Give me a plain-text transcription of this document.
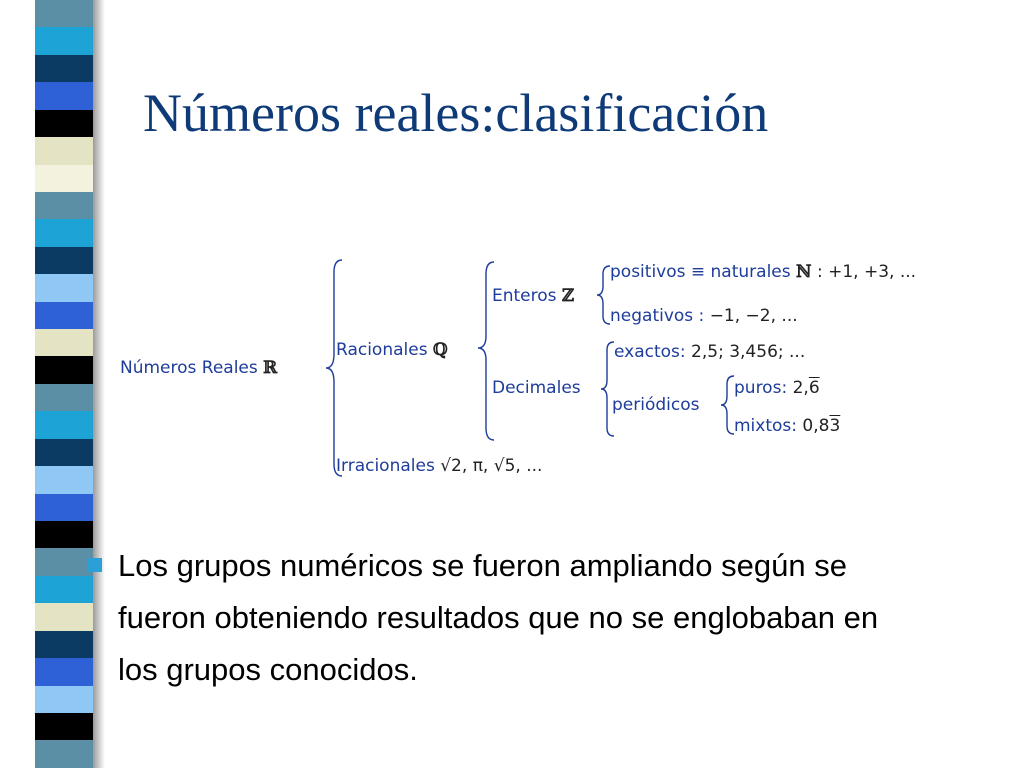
Números reales:clasificación
Números Reales ℝ
Racionales ℚ
Enteros ℤ
positivos ≡ naturales ℕ : +1, +3, ...
negativos : −1, −2, ...
Decimales
exactos: 2,5; 3,456; ...
periódicos
puros: 2,6
mixtos: 0,83
Irracionales √2, π, √5, ...
Los grupos numéricos se fueron ampliando según se fueron obteniendo resultados que no se englobaban en los grupos conocidos.
